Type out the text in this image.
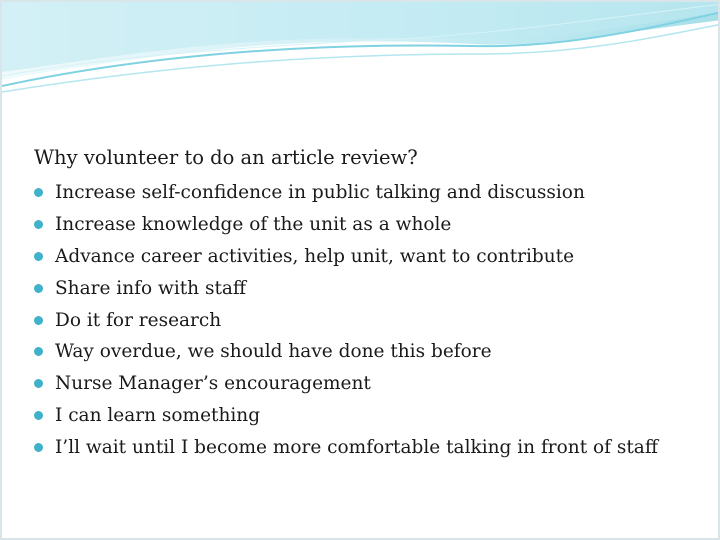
Why volunteer to do an article review?
Increase self-confidence in public talking and discussion
Increase knowledge of the unit as a whole
Advance career activities, help unit, want to contribute
Share info with staff
Do it for research
Way overdue, we should have done this before
Nurse Manager’s encouragement
I can learn something
I’ll wait until I become more comfortable talking in front of staff
